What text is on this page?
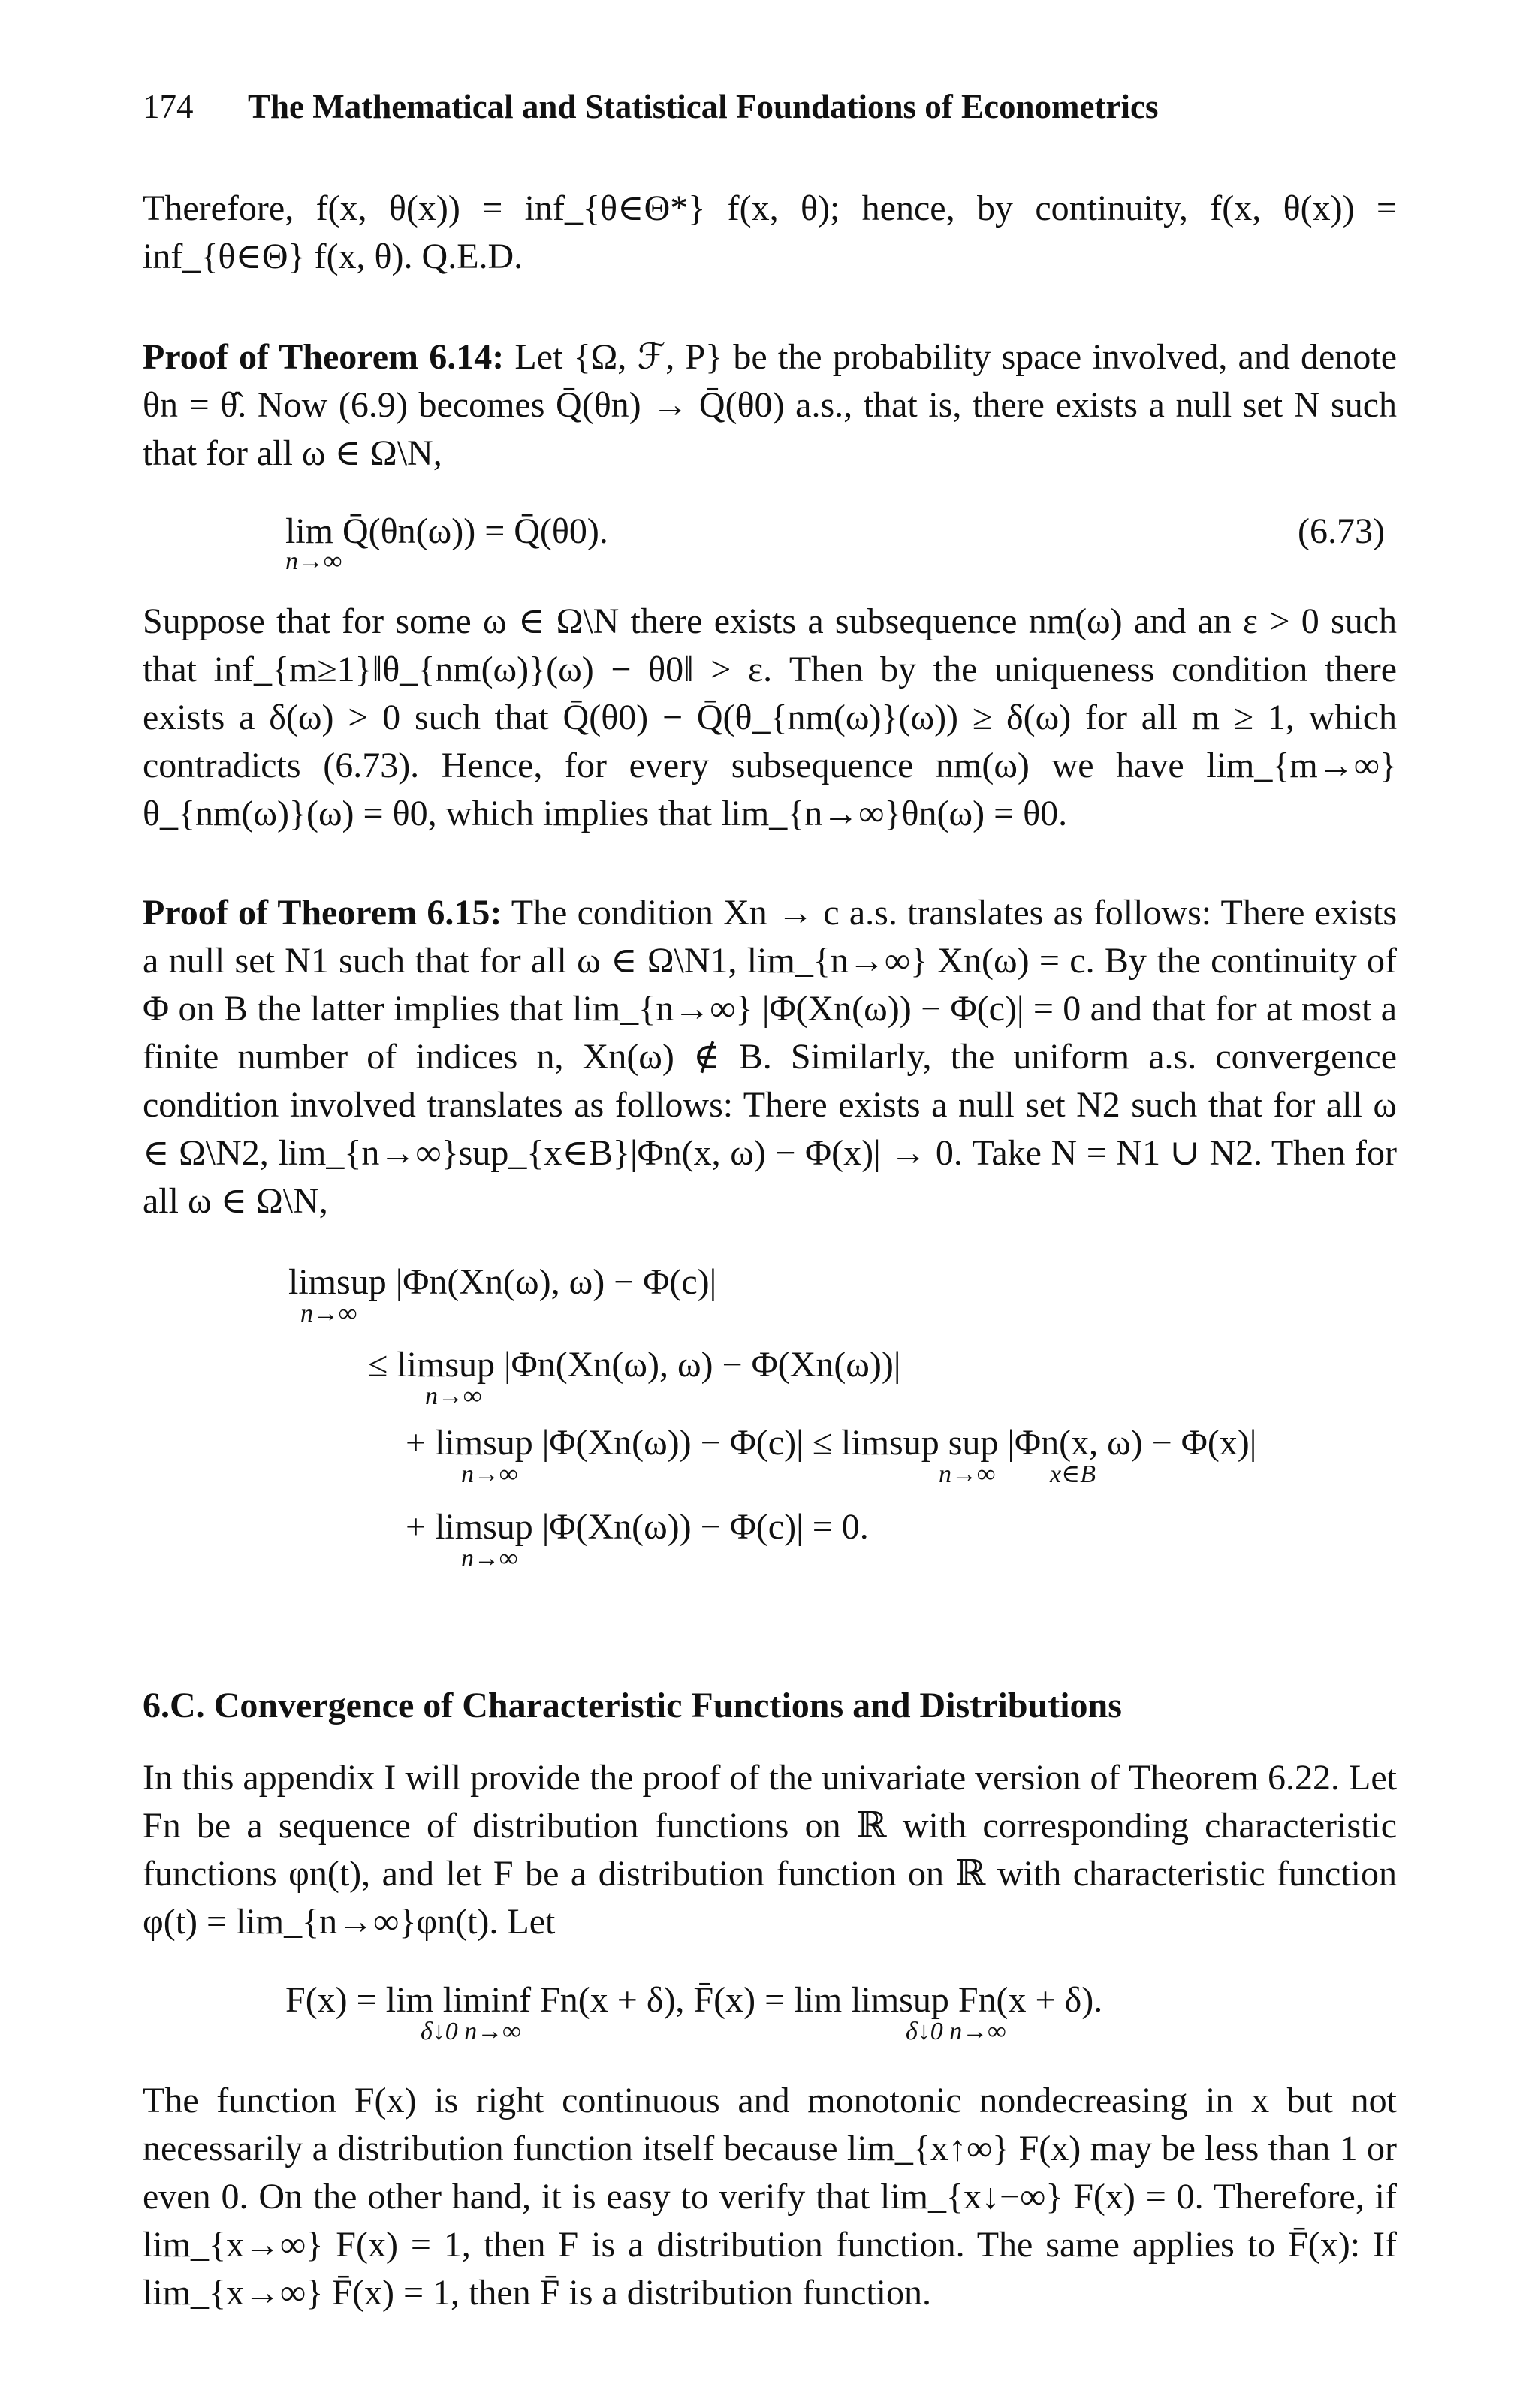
174 The Mathematical and Statistical Foundations of Econometrics
Therefore, f(x, θ(x)) = inf_{θ∈Θ*} f(x, θ); hence, by continuity, f(x, θ(x)) = inf_{θ∈Θ} f(x, θ). Q.E.D.
Proof of Theorem 6.14: Let {Ω, ℱ, P} be the probability space involved, and denote θn = θ̂. Now (6.9) becomes Q̄(θn) → Q̄(θ0) a.s., that is, there exists a null set N such that for all ω ∈ Ω\N,
lim Q̄(θn(ω)) = Q̄(θ0).
n→∞
(6.73)
Suppose that for some ω ∈ Ω\N there exists a subsequence nm(ω) and an ε > 0 such that inf_{m≥1}‖θ_{nm(ω)}(ω) − θ0‖ > ε. Then by the uniqueness condition there exists a δ(ω) > 0 such that Q̄(θ0) − Q̄(θ_{nm(ω)}(ω)) ≥ δ(ω) for all m ≥ 1, which contradicts (6.73). Hence, for every subsequence nm(ω) we have lim_{m→∞} θ_{nm(ω)}(ω) = θ0, which implies that lim_{n→∞}θn(ω) = θ0.
Proof of Theorem 6.15: The condition Xn → c a.s. translates as follows: There exists a null set N1 such that for all ω ∈ Ω\N1, lim_{n→∞} Xn(ω) = c. By the continuity of Φ on B the latter implies that lim_{n→∞} |Φ(Xn(ω)) − Φ(c)| = 0 and that for at most a finite number of indices n, Xn(ω) ∉ B. Similarly, the uniform a.s. convergence condition involved translates as follows: There exists a null set N2 such that for all ω ∈ Ω\N2, lim_{n→∞}sup_{x∈B}|Φn(x, ω) − Φ(x)| → 0. Take N = N1 ∪ N2. Then for all ω ∈ Ω\N,
limsup |Φn(Xn(ω), ω) − Φ(c)|
n→∞
≤ limsup |Φn(Xn(ω), ω) − Φ(Xn(ω))|
n→∞
+ limsup |Φ(Xn(ω)) − Φ(c)| ≤ limsup sup |Φn(x, ω) − Φ(x)|
n→∞	n→∞ x∈B
+ limsup |Φ(Xn(ω)) − Φ(c)| = 0.
n→∞
6.C. Convergence of Characteristic Functions and Distributions
In this appendix I will provide the proof of the univariate version of Theorem 6.22. Let Fn be a sequence of distribution functions on ℝ with corresponding characteristic functions φn(t), and let F be a distribution function on ℝ with characteristic function φ(t) = lim_{n→∞}φn(t). Let
F(x) = lim liminf Fn(x + δ), F̄(x) = lim limsup Fn(x + δ).
δ↓0 n→∞	δ↓0 n→∞
The function F(x) is right continuous and monotonic nondecreasing in x but not necessarily a distribution function itself because lim_{x↑∞} F(x) may be less than 1 or even 0. On the other hand, it is easy to verify that lim_{x↓−∞} F(x) = 0. Therefore, if lim_{x→∞} F(x) = 1, then F is a distribution function. The same applies to F̄(x): If lim_{x→∞} F̄(x) = 1, then F̄ is a distribution function.
